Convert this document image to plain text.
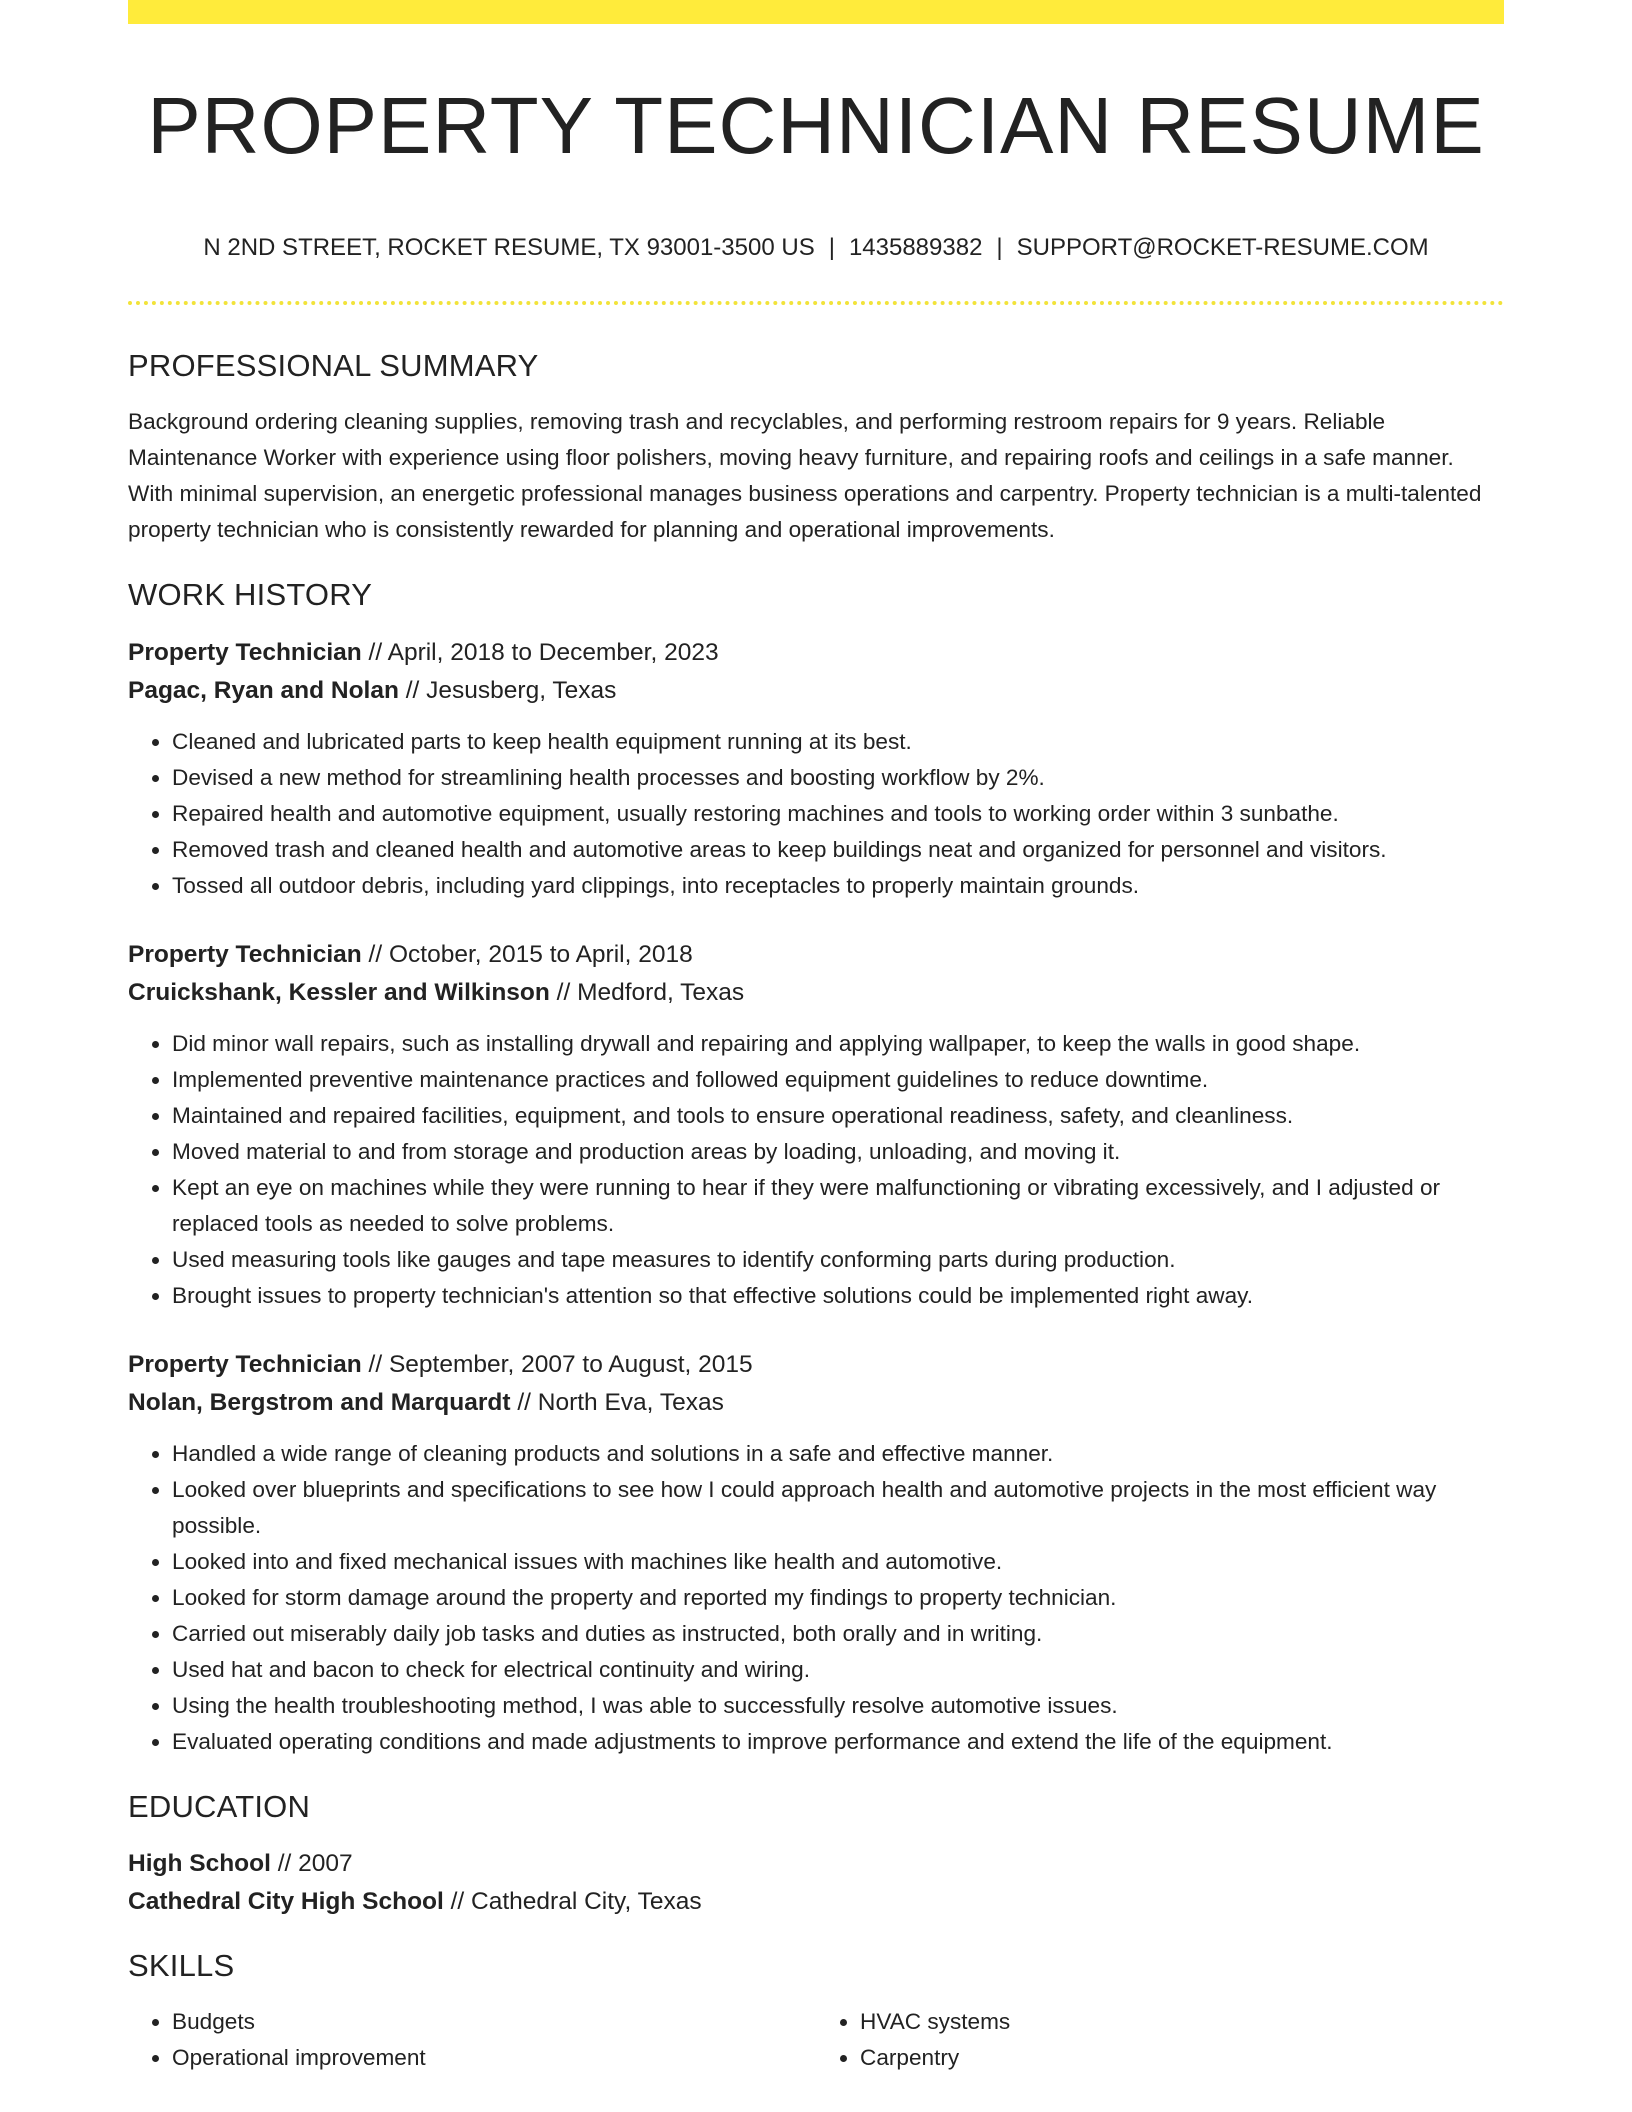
PROPERTY TECHNICIAN RESUME
N 2ND STREET, ROCKET RESUME, TX 93001-3500 US | 1435889382 | SUPPORT@ROCKET-RESUME.COM
PROFESSIONAL SUMMARY

Background ordering cleaning supplies, removing trash and recyclables, and performing restroom repairs for 9 years. Reliable Maintenance Worker with experience using floor polishers, moving heavy furniture, and repairing roofs and ceilings in a safe manner. With minimal supervision, an energetic professional manages business operations and carpentry. Property technician is a multi-talented property technician who is consistently rewarded for planning and operational improvements.

WORK HISTORY
Property Technician // April, 2018 to December, 2023
Pagac, Ryan and Nolan // Jesusberg, Texas
• Cleaned and lubricated parts to keep health equipment running at its best.
• Devised a new method for streamlining health processes and boosting workflow by 2%.
• Repaired health and automotive equipment, usually restoring machines and tools to working order within 3 sunbathe.
• Removed trash and cleaned health and automotive areas to keep buildings neat and organized for personnel and visitors.
• Tossed all outdoor debris, including yard clippings, into receptacles to properly maintain grounds.
Property Technician // October, 2015 to April, 2018
Cruickshank, Kessler and Wilkinson // Medford, Texas
• Did minor wall repairs, such as installing drywall and repairing and applying wallpaper, to keep the walls in good shape.
• Implemented preventive maintenance practices and followed equipment guidelines to reduce downtime.
• Maintained and repaired facilities, equipment, and tools to ensure operational readiness, safety, and cleanliness.
• Moved material to and from storage and production areas by loading, unloading, and moving it.
• Kept an eye on machines while they were running to hear if they were malfunctioning or vibrating excessively, and I adjusted or replaced tools as needed to solve problems.
• Used measuring tools like gauges and tape measures to identify conforming parts during production.
• Brought issues to property technician's attention so that effective solutions could be implemented right away.
Property Technician // September, 2007 to August, 2015
Nolan, Bergstrom and Marquardt // North Eva, Texas
• Handled a wide range of cleaning products and solutions in a safe and effective manner.
• Looked over blueprints and specifications to see how I could approach health and automotive projects in the most efficient way possible.
• Looked into and fixed mechanical issues with machines like health and automotive.
• Looked for storm damage around the property and reported my findings to property technician.
• Carried out miserably daily job tasks and duties as instructed, both orally and in writing.
• Used hat and bacon to check for electrical continuity and wiring.
• Using the health troubleshooting method, I was able to successfully resolve automotive issues.
• Evaluated operating conditions and made adjustments to improve performance and extend the life of the equipment.
EDUCATION
High School // 2007
Cathedral City High School // Cathedral City, Texas
SKILLS
• Budgets
• Operational improvement
• HVAC systems
• Carpentry
